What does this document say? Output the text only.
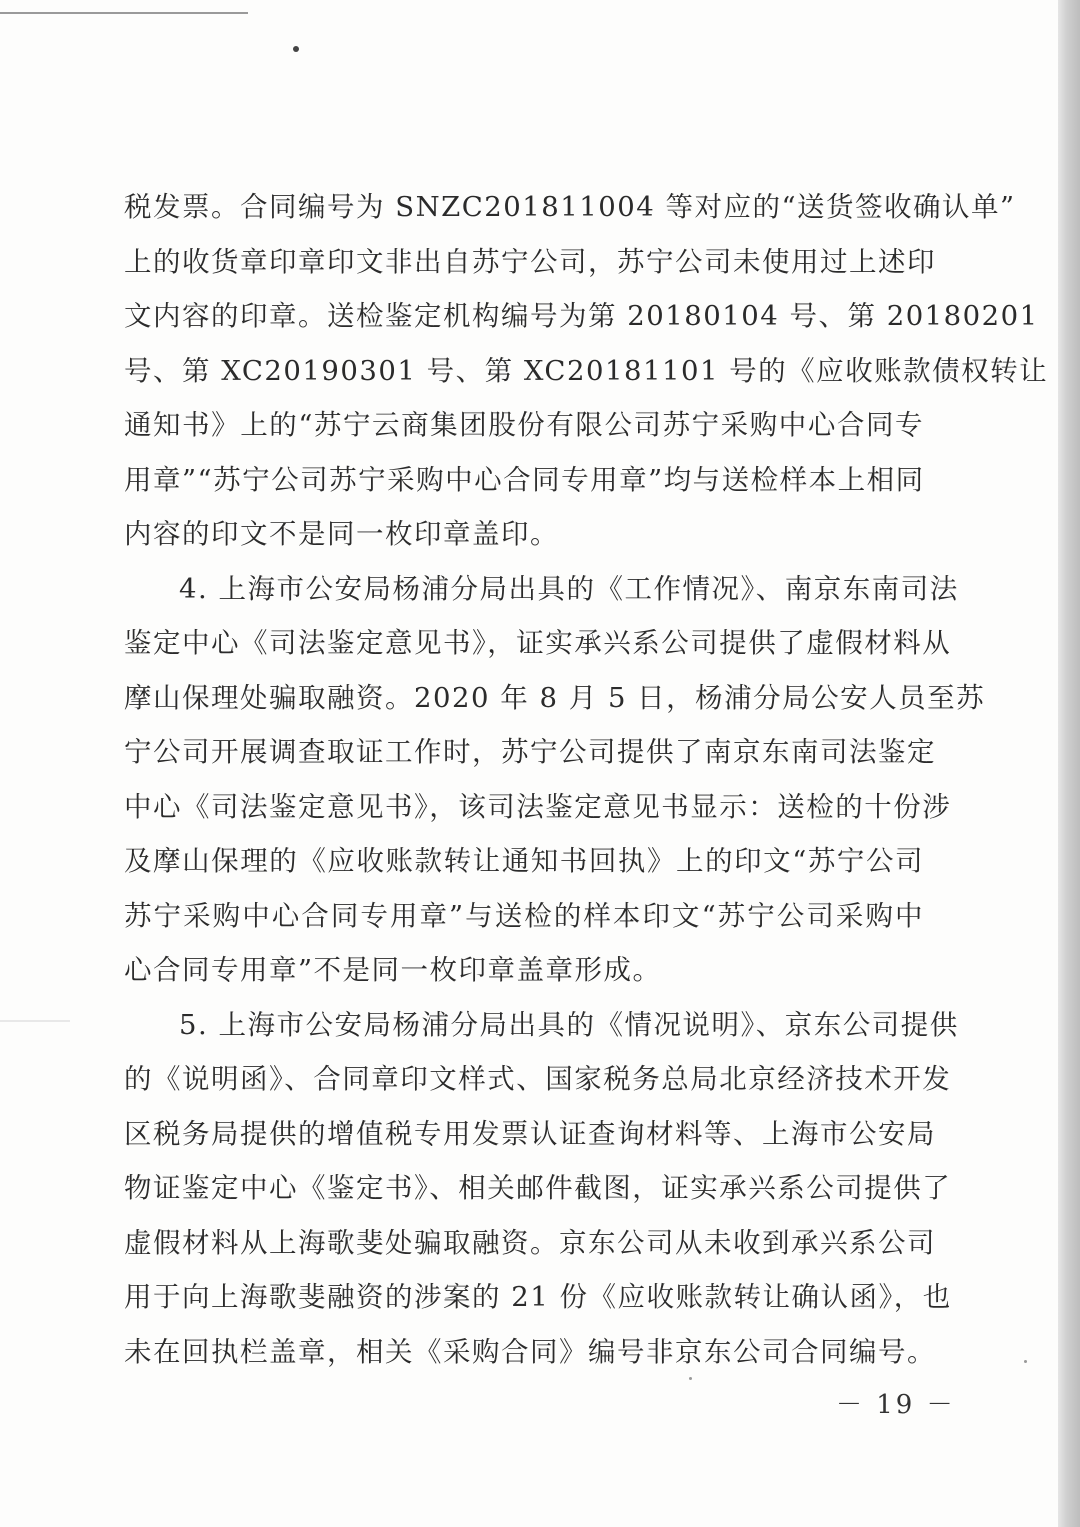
税发票。合同编号为 SNZC201811004 等对应的“送货签收确认单”
上的收货章印章印文非出自苏宁公司，苏宁公司未使用过上述印
文内容的印章。送检鉴定机构编号为第 20180104 号、第 20180201
号、第 XC20190301 号、第 XC20181101 号的《应收账款债权转让
通知书》上的“苏宁云商集团股份有限公司苏宁采购中心合同专
用章”“苏宁公司苏宁采购中心合同专用章”均与送检样本上相同
内容的印文不是同一枚印章盖印。
4. 上海市公安局杨浦分局出具的《工作情况》、南京东南司法
鉴定中心《司法鉴定意见书》，证实承兴系公司提供了虚假材料从
摩山保理处骗取融资。2020 年 8 月 5 日，杨浦分局公安人员至苏
宁公司开展调查取证工作时，苏宁公司提供了南京东南司法鉴定
中心《司法鉴定意见书》，该司法鉴定意见书显示：送检的十份涉
及摩山保理的《应收账款转让通知书回执》上的印文“苏宁公司
苏宁采购中心合同专用章”与送检的样本印文“苏宁公司采购中
心合同专用章”不是同一枚印章盖章形成。
5. 上海市公安局杨浦分局出具的《情况说明》、京东公司提供
的《说明函》、合同章印文样式、国家税务总局北京经济技术开发
区税务局提供的增值税专用发票认证查询材料等、上海市公安局
物证鉴定中心《鉴定书》、相关邮件截图，证实承兴系公司提供了
虚假材料从上海歌斐处骗取融资。京东公司从未收到承兴系公司
用于向上海歌斐融资的涉案的 21 份《应收账款转让确认函》，也
未在回执栏盖章，相关《采购合同》编号非京东公司合同编号。
－ 19 －
